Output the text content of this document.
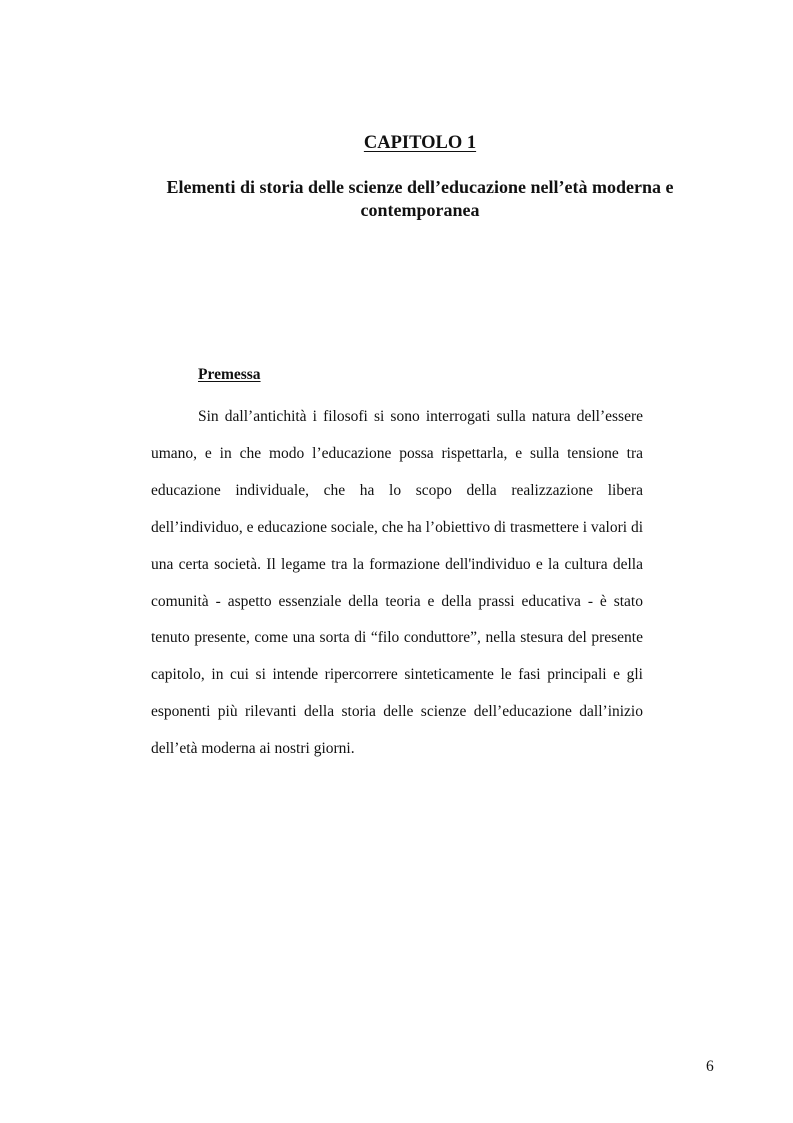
CAPITOLO 1
Elementi di storia delle scienze dell’educazione nell’età moderna e contemporanea
Premessa

Sin dall’antichità i filosofi si sono interrogati sulla natura dell’essere umano, e in che modo l’educazione possa rispettarla, e sulla tensione tra educazione individuale, che ha lo scopo della realizzazione libera dell’individuo, e educazione sociale, che ha l’obiettivo di trasmettere i valori di una certa società. Il legame tra la formazione dell'individuo e la cultura della comunità - aspetto essenziale della teoria e della prassi educativa - è stato tenuto presente, come una sorta di “filo conduttore”, nella stesura del presente capitolo, in cui si intende ripercorrere sinteticamente le fasi principali e gli esponenti più rilevanti della storia delle scienze dell’educazione dall’inizio dell’età moderna ai nostri giorni.

6
